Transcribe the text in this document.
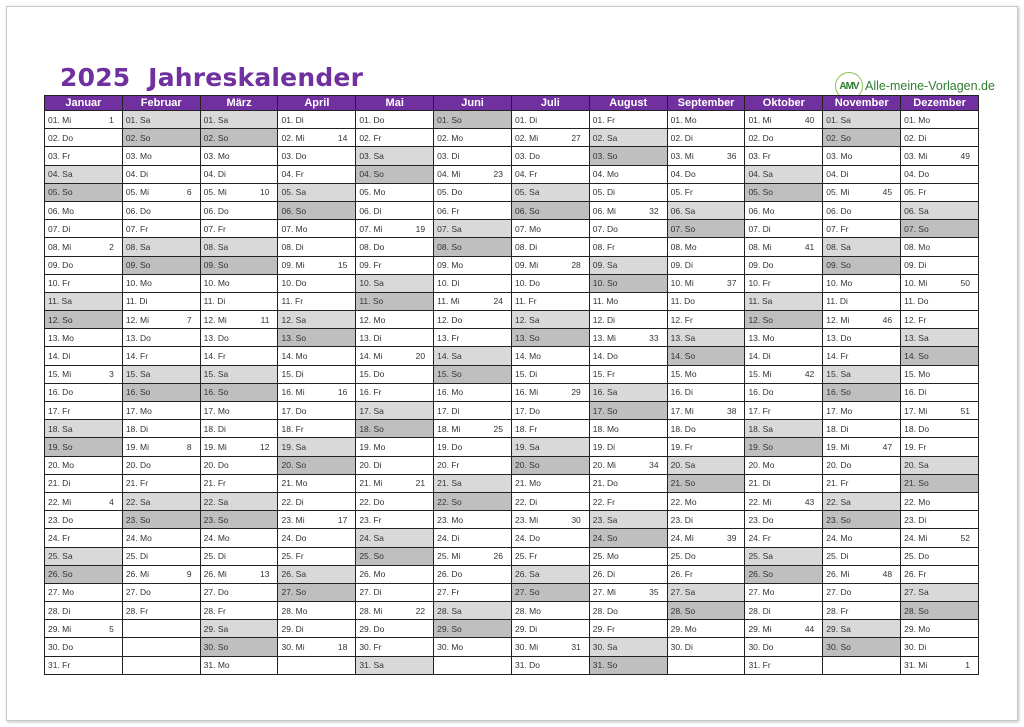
2025  Jahreskalender	AMV Alle-meine-Vorlagen.de
Januar	Februar	März	April	Mai	Juni	Juli	August	September	Oktober	November	Dezember
01. Mi 1	01. Sa	01. Sa	01. Di	01. Do	01. So	01. Di	01. Fr	01. Mo	01. Mi 40	01. Sa	01. Mo
02. Do	02. So	02. So	02. Mi 14	02. Fr	02. Mo	02. Mi 27	02. Sa	02. Di	02. Do	02. So	02. Di
03. Fr	03. Mo	03. Mo	03. Do	03. Sa	03. Di	03. Do	03. So	03. Mi 36	03. Fr	03. Mo	03. Mi 49

04. Sa	04. Di	04. Di	04. Fr	04. So	04. Mi 23	04. Fr	04. Mo	04. Do	04. Sa	04. Di	04. Do
05. So	05. Mi 6	05. Mi 10	05. Sa	05. Mo	05. Do	05. Sa	05. Di	05. Fr	05. So	05. Mi 45	05. Fr
06. Mo	06. Do	06. Do	06. So	06. Di	06. Fr	06. So	06. Mi 32	06. Sa	06. Mo	06. Do	06. Sa
07. Di	07. Fr	07. Fr	07. Mo	07. Mi 19	07. Sa	07. Mo	07. Do	07. So	07. Di	07. Fr	07. So
08. Mi 2	08. Sa	08. Sa	08. Di	08. Do	08. So	08. Di	08. Fr	08. Mo	08. Mi 41	08. Sa	08. Mo
09. Do	09. So	09. So	09. Mi 15	09. Fr	09. Mo	09. Mi 28	09. Sa	09. Di	09. Do	09. So	09. Di
10. Fr	10. Mo	10. Mo	10. Do	10. Sa	10. Di	10. Do	10. So	10. Mi 37	10. Fr	10. Mo	10. Mi 50

11. Sa	11. Di	11. Di	11. Fr	11. So	11. Mi 24	11. Fr	11. Mo	11. Do	11. Sa	11. Di	11. Do
12. So	12. Mi 7	12. Mi 11	12. Sa	12. Mo	12. Do	12. Sa	12. Di	12. Fr	12. So	12. Mi 46	12. Fr
13. Mo	13. Do	13. Do	13. So	13. Di	13. Fr	13. So	13. Mi 33	13. Sa	13. Mo	13. Do	13. Sa
14. Di	14. Fr	14. Fr	14. Mo	14. Mi 20	14. Sa	14. Mo	14. Do	14. So	14. Di	14. Fr	14. So
15. Mi 3	15. Sa	15. Sa	15. Di	15. Do	15. So	15. Di	15. Fr	15. Mo	15. Mi 42	15. Sa	15. Mo
16. Do	16. So	16. So	16. Mi 16	16. Fr	16. Mo	16. Mi 29	16. Sa	16. Di	16. Do	16. So	16. Di
17. Fr	17. Mo	17. Mo	17. Do	17. Sa	17. Di	17. Do	17. So	17. Mi 38	17. Fr	17. Mo	17. Mi 51

18. Sa	18. Di	18. Di	18. Fr	18. So	18. Mi 25	18. Fr	18. Mo	18. Do	18. Sa	18. Di	18. Do
19. So	19. Mi 8	19. Mi 12	19. Sa	19. Mo	19. Do	19. Sa	19. Di	19. Fr	19. So	19. Mi 47	19. Fr
20. Mo	20. Do	20. Do	20. So	20. Di	20. Fr	20. So	20. Mi 34	20. Sa	20. Mo	20. Do	20. Sa
21. Di	21. Fr	21. Fr	21. Mo	21. Mi 21	21. Sa	21. Mo	21. Do	21. So	21. Di	21. Fr	21. So
22. Mi 4	22. Sa	22. Sa	22. Di	22. Do	22. So	22. Di	22. Fr	22. Mo	22. Mi 43	22. Sa	22. Mo
23. Do	23. So	23. So	23. Mi 17	23. Fr	23. Mo	23. Mi 30	23. Sa	23. Di	23. Do	23. So	23. Di
24. Fr	24. Mo	24. Mo	24. Do	24. Sa	24. Di	24. Do	24. So	24. Mi 39	24. Fr	24. Mo	24. Mi 52

25. Sa	25. Di	25. Di	25. Fr	25. So	25. Mi 26	25. Fr	25. Mo	25. Do	25. Sa	25. Di	25. Do
26. So	26. Mi 9	26. Mi 13	26. Sa	26. Mo	26. Do	26. Sa	26. Di	26. Fr	26. So	26. Mi 48	26. Fr
27. Mo	27. Do	27. Do	27. So	27. Di	27. Fr	27. So	27. Mi 35	27. Sa	27. Mo	27. Do	27. Sa
28. Di	28. Fr	28. Fr	28. Mo	28. Mi 22	28. Sa	28. Mo	28. Do	28. So	28. Di	28. Fr	28. So
29. Mi 5		29. Sa	29. Di	29. Do	29. So	29. Di	29. Fr	29. Mo	29. Mi 44	29. Sa	29. Mo
30. Do		30. So	30. Mi 18	30. Fr	30. Mo	30. Mi 31	30. Sa	30. Di	30. Do	30. So	30. Di
31. Fr		31. Mo		31. Sa		31. Do	31. So		31. Fr		31. Mi 1
